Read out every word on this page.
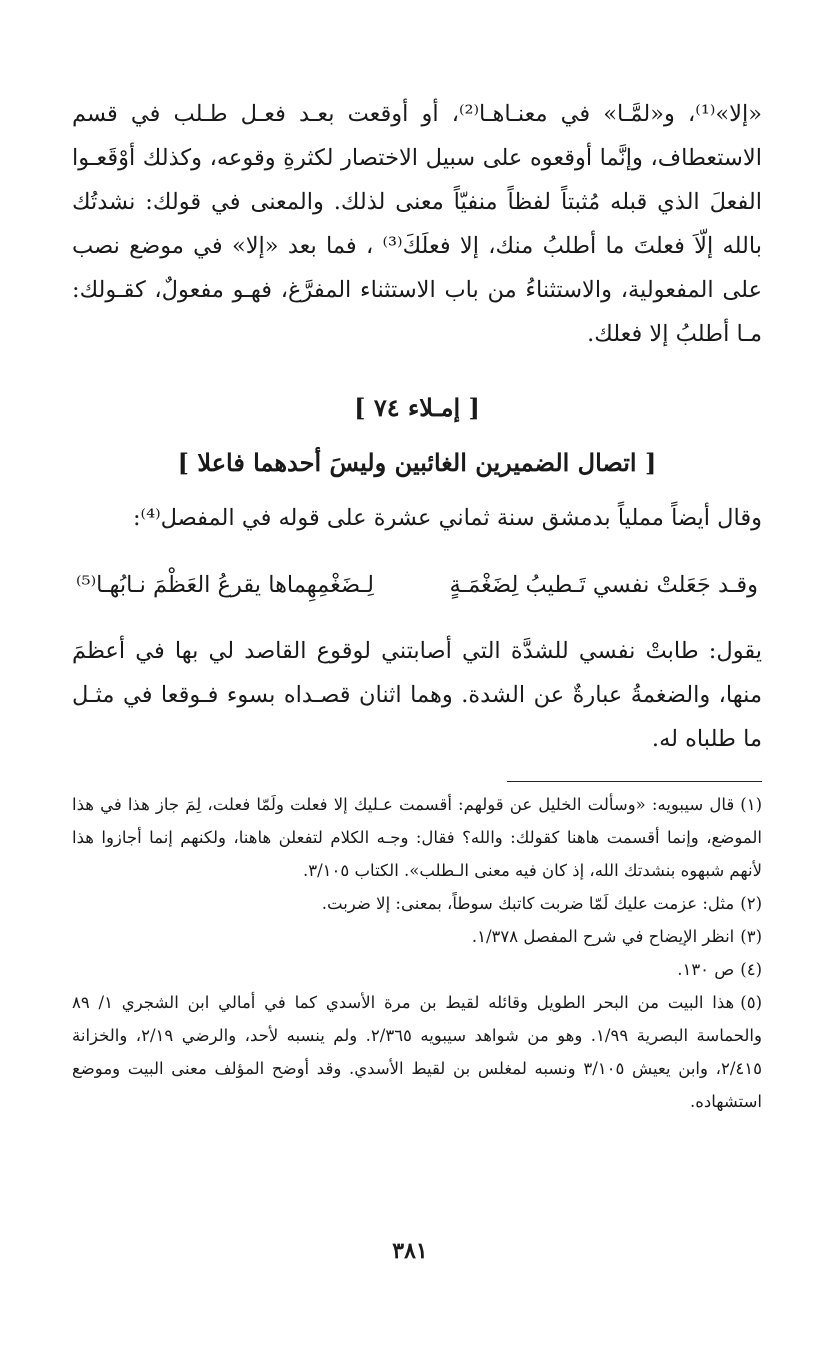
«إلا»⁽¹⁾، و«لمَّـا» في معنـاهـا⁽²⁾، أو أوقعت بعـد فعـل طـلب في قسم الاستعطاف، وإنَّما أوقعوه على سبيل الاختصار لكثرةِ وقوعه، وكذلك أوْقَعـوا الفعلَ الذي قبله مُثبتاً لفظاً منفيّاً معنى لذلك. والمعنى في قولك: نشدتُك بالله إلّاَ فعلتَ ما أطلبُ منك، إلا فعلَكَ⁽³⁾ ، فما بعد «إلا» في موضع نصب على المفعولية، والاستثناءُ من باب الاستثناء المفرَّغ، فهـو مفعولٌ، كقـولك: مـا أطلبُ إلا فعلك.

[ إمـلاء ٧٤ ]

[ اتصال الضميرين الغائبين وليسَ أحدهما فاعلا ]

وقال أيضاً مملياً بدمشق سنة ثماني عشرة على قوله في المفصل⁽⁴⁾:

وقـد جَعَلتْ نفسي تَـطيبُ لِضَغْمَـةٍ
لِـضَغْمِهِماها يقرعُ العَظْمَ نـابُهـا⁽⁵⁾

يقول: طابتْ نفسي للشدَّة التي أصابتني لوقوع القاصد لي بها في أعظمَ منها، والضغمةُ عبارةٌ عن الشدة. وهما اثنان قصـداه بسوء فـوقعا في مثـل ما طلباه له.

(١)قال سيبويه: «وسألت الخليل عن قولهم: أقسمت عـليك إلا فعلت ولَمّا فعلت، لِمَ جاز هذا في هذا الموضع، وإنما أقسمت هاهنا كقولك: والله؟ فقال: وجـه الكلام لتفعلن هاهنا، ولكنهم إنما أجازوا هذا لأنهم شبهوه بنشدتك الله، إذ كان فيه معنى الـطلب». الكتاب ٣/١٠٥.

(٢)مثل: عزمت عليك لَمّا ضربت كاتبك سوطاً، بمعنى: إلا ضربت.

(٣)انظر الإيضاح في شرح المفصل ١/٣٧٨.

(٤)ص ١٣٠.

(٥)هذا البيت من البحر الطويل وقائله لقيط بن مرة الأسدي كما في أمالي ابن الشجري ١/ ٨٩ والحماسة البصرية ١/٩٩. وهو من شواهد سيبويه ٢/٣٦٥. ولم ينسبه لأحد، والرضي ٢/١٩، والخزانة ٢/٤١٥، وابن يعيش ٣/١٠٥ ونسبه لمغلس بن لقيط الأسدي. وقد أوضح المؤلف معنى البيت وموضع استشهاده.

٣٨١
